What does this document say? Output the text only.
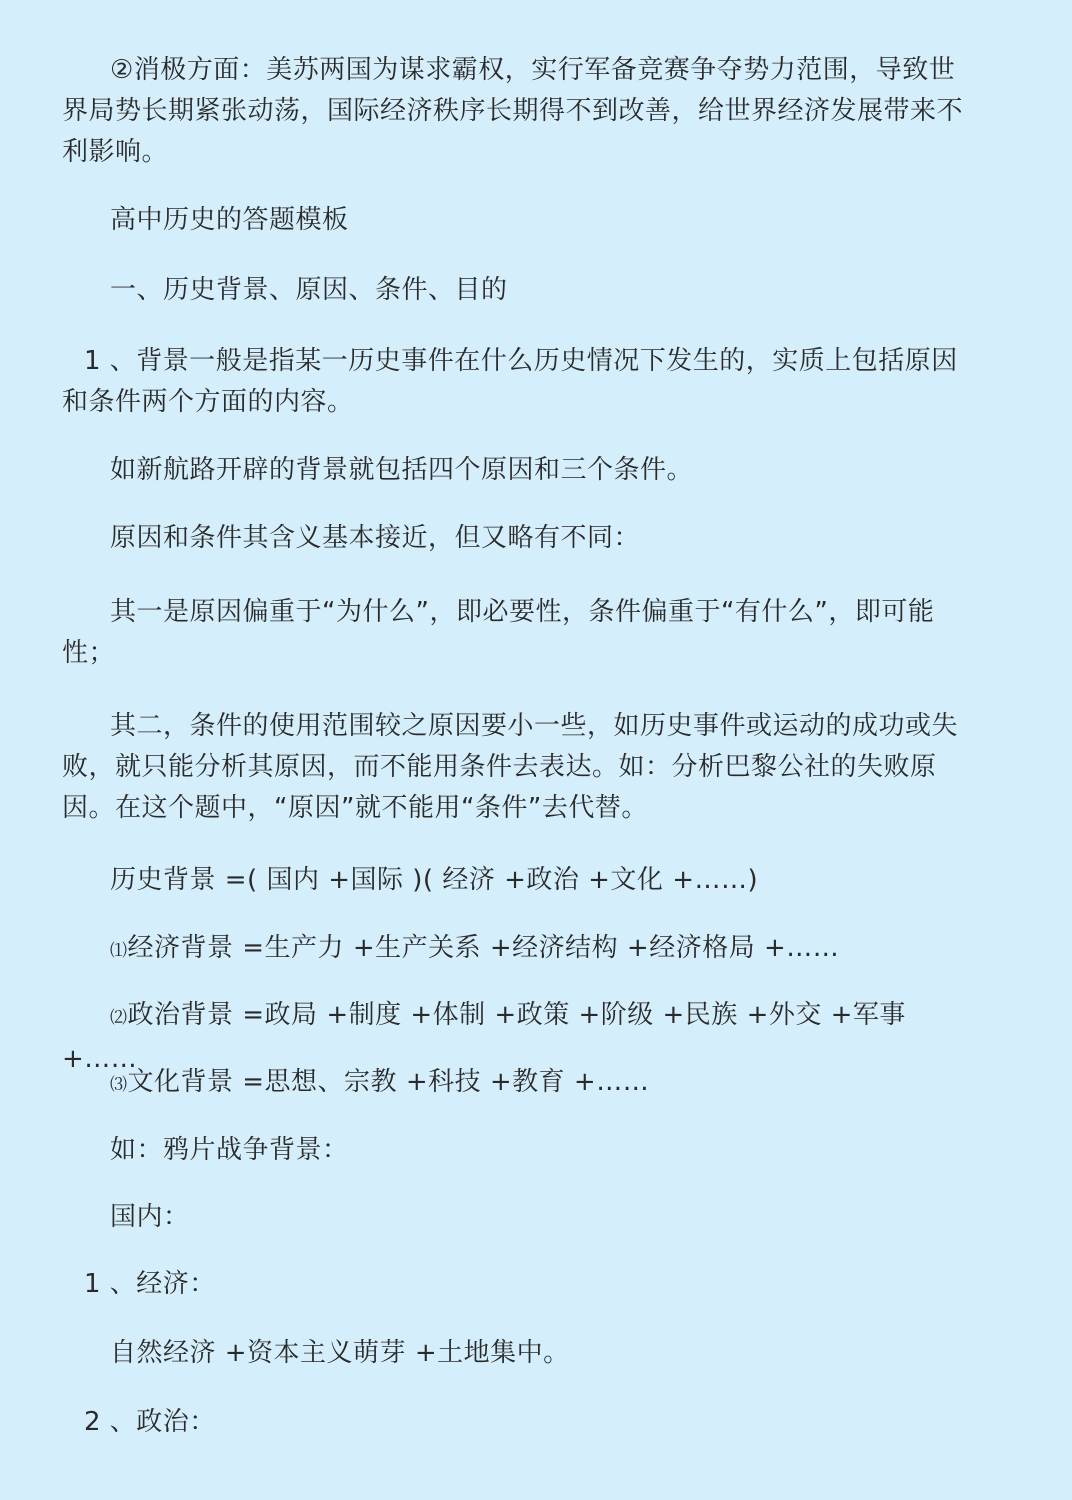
②消极方面：美苏两国为谋求霸权，实行军备竞赛争夺势力范围，导致世界局势长期紧张动荡，国际经济秩序长期得不到改善，给世界经济发展带来不利影响。

高中历史的答题模板

一、历史背景、原因、条件、目的

1 、背景一般是指某一历史事件在什么历史情况下发生的，实质上包括原因和条件两个方面的内容。

如新航路开辟的背景就包括四个原因和三个条件。

原因和条件其含义基本接近，但又略有不同：

其一是原因偏重于“为什么”，即必要性，条件偏重于“有什么”，即可能性；

其二，条件的使用范围较之原因要小一些，如历史事件或运动的成功或失败，就只能分析其原因，而不能用条件去表达。如：分析巴黎公社的失败原因。在这个题中，“原因”就不能用“条件”去代替。

历史背景 =( 国内 +国际 )( 经济 +政治 +文化 +……)

⑴经济背景 =生产力 +生产关系 +经济结构 +经济格局 +……

⑵政治背景 =政局 +制度 +体制 +政策 +阶级 +民族 +外交 +军事 +……

⑶文化背景 =思想、宗教 +科技 +教育 +……

如：鸦片战争背景：

国内：

1 、经济：

自然经济 +资本主义萌芽 +土地集中。

2 、政治：
